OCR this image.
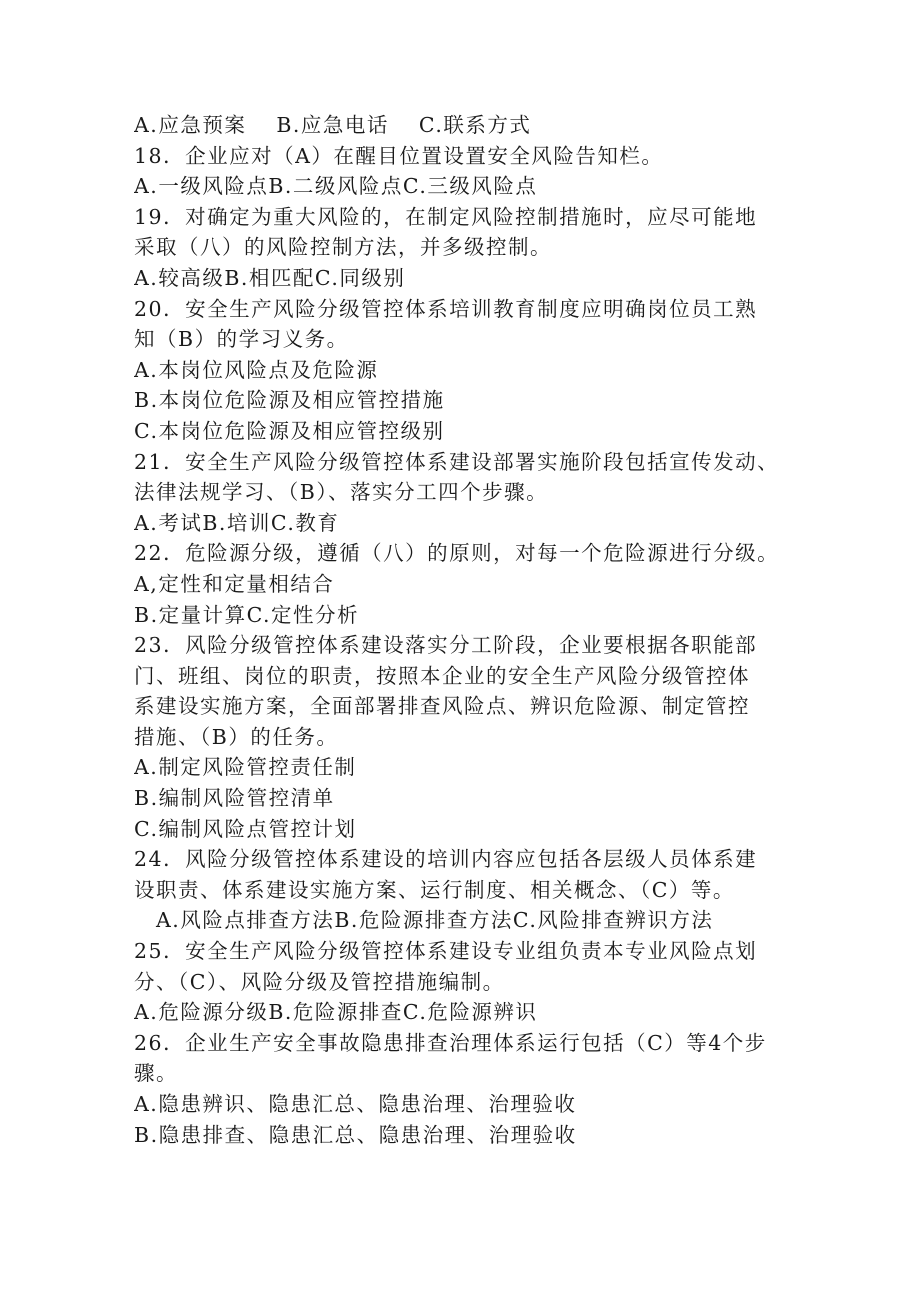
A.应急预案　 B.应急电话　 C.联系方式
18．企业应对（A）在醒目位置设置安全风险告知栏。
A.一级风险点B.二级风险点C.三级风险点
19．对确定为重大风险的，在制定风险控制措施时，应尽可能地
采取（八）的风险控制方法，并多级控制。
A.较高级B.相匹配C.同级别
20．安全生产风险分级管控体系培训教育制度应明确岗位员工熟
知（B）的学习义务。
A.本岗位风险点及危险源
B.本岗位危险源及相应管控措施
C.本岗位危险源及相应管控级别
21．安全生产风险分级管控体系建设部署实施阶段包括宣传发动、
法律法规学习、（B）、落实分工四个步骤。
A.考试B.培训C.教育
22．危险源分级，遵循（八）的原则，对每一个危险源进行分级。
A,定性和定量相结合
B.定量计算C.定性分析
23．风险分级管控体系建设落实分工阶段，企业要根据各职能部
门、班组、岗位的职责，按照本企业的安全生产风险分级管控体
系建设实施方案，全面部署排查风险点、辨识危险源、制定管控
措施、（B）的任务。
A.制定风险管控责任制
B.编制风险管控清单
C.编制风险点管控计划
24．风险分级管控体系建设的培训内容应包括各层级人员体系建
设职责、体系建设实施方案、运行制度、相关概念、（C）等。
A.风险点排查方法B.危险源排查方法C.风险排查辨识方法
25．安全生产风险分级管控体系建设专业组负责本专业风险点划
分、（C）、风险分级及管控措施编制。
A.危险源分级B.危险源排查C.危险源辨识
26．企业生产安全事故隐患排查治理体系运行包括（C）等4个步
骤。
A.隐患辨识、隐患汇总、隐患治理、治理验收
B.隐患排查、隐患汇总、隐患治理、治理验收
